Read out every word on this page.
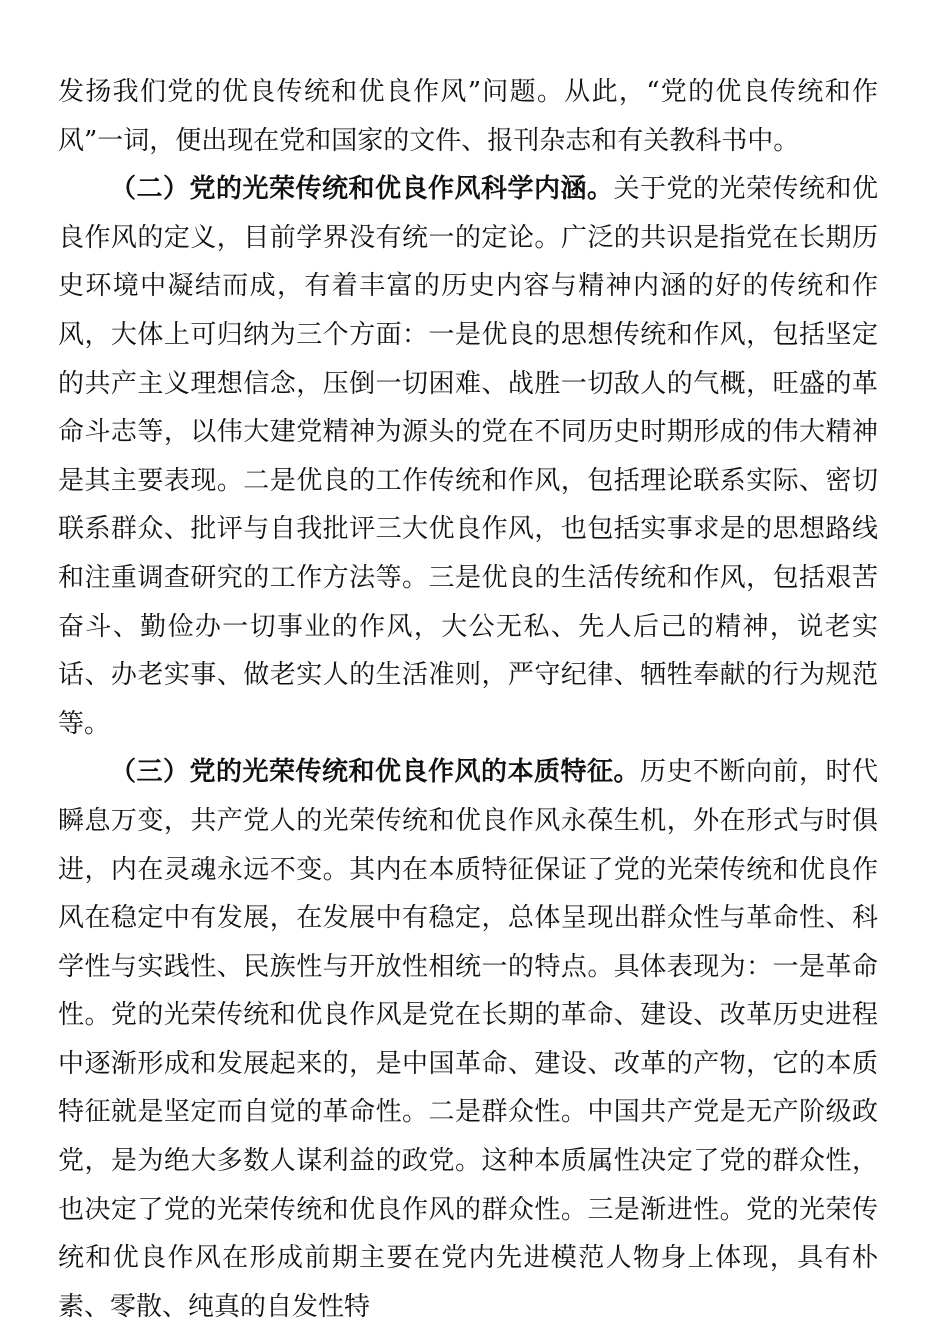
发扬我们党的优良传统和优良作风”问题。从此，“党的优良传统和作风”一词，便出现在党和国家的文件、报刊杂志和有关教科书中。

（二）党的光荣传统和优良作风科学内涵。关于党的光荣传统和优良作风的定义，目前学界没有统一的定论。广泛的共识是指党在长期历史环境中凝结而成，有着丰富的历史内容与精神内涵的好的传统和作风，大体上可归纳为三个方面：一是优良的思想传统和作风，包括坚定的共产主义理想信念，压倒一切困难、战胜一切敌人的气概，旺盛的革命斗志等，以伟大建党精神为源头的党在不同历史时期形成的伟大精神是其主要表现。二是优良的工作传统和作风，包括理论联系实际、密切联系群众、批评与自我批评三大优良作风，也包括实事求是的思想路线和注重调查研究的工作方法等。三是优良的生活传统和作风，包括艰苦奋斗、勤俭办一切事业的作风，大公无私、先人后己的精神，说老实话、办老实事、做老实人的生活准则，严守纪律、牺牲奉献的行为规范等。

（三）党的光荣传统和优良作风的本质特征。历史不断向前，时代瞬息万变，共产党人的光荣传统和优良作风永葆生机，外在形式与时俱进，内在灵魂永远不变。其内在本质特征保证了党的光荣传统和优良作风在稳定中有发展，在发展中有稳定，总体呈现出群众性与革命性、科学性与实践性、民族性与开放性相统一的特点。具体表现为：一是革命性。党的光荣传统和优良作风是党在长期的革命、建设、改革历史进程中逐渐形成和发展起来的，是中国革命、建设、改革的产物，它的本质特征就是坚定而自觉的革命性。二是群众性。中国共产党是无产阶级政党，是为绝大多数人谋利益的政党。这种本质属性决定了党的群众性，也决定了党的光荣传统和优良作风的群众性。三是渐进性。党的光荣传统和优良作风在形成前期主要在党内先进模范人物身上体现，具有朴素、零散、纯真的自发性特
